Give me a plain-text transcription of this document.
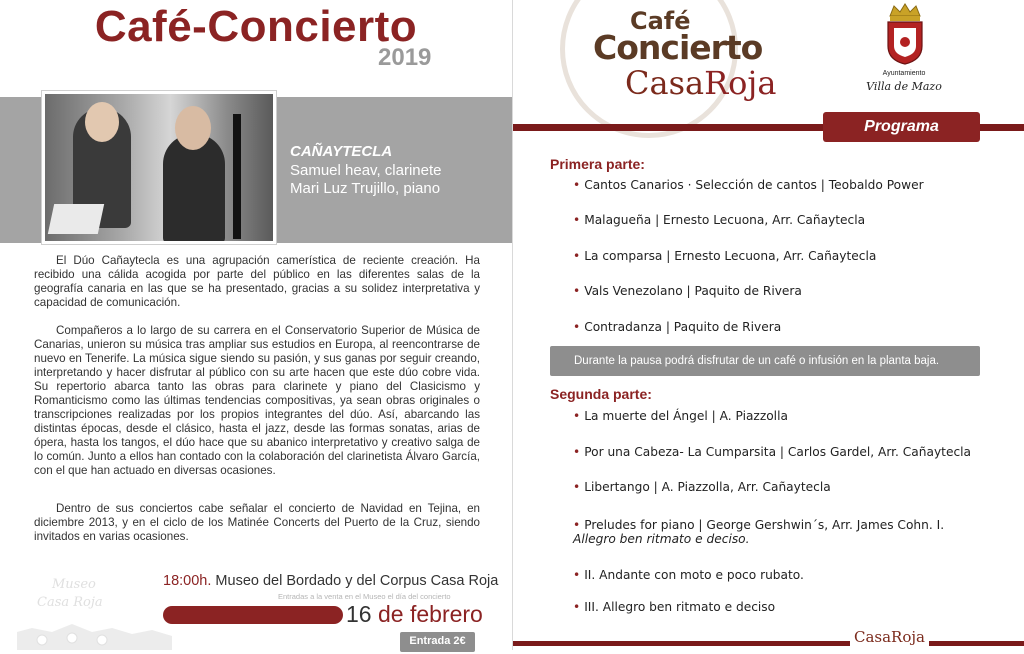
Café-Concierto
2019
CAÑAYTECLA
Samuel heav, clarinete
Mari Luz Trujillo, piano

El Dúo Cañaytecla es una agrupación camerística de reciente creación. Ha recibido una cálida acogida por parte del público en las diferentes salas de la geografía canaria en las que se ha presentado, gracias a su solidez interpretativa y capacidad de comunicación.

Compañeros a lo largo de su carrera en el Conservatorio Superior de Música de Canarias, unieron su música tras ampliar sus estudios en Europa, al reencontrarse de nuevo en Tenerife. La música sigue siendo su pasión, y sus ganas por seguir creando, interpretando y hacer disfrutar al público con su arte hacen que este dúo cobre vida. Su repertorio abarca tanto las obras para clarinete y piano del Clasicismo y Romanticismo como las últimas tendencias compositivas, ya sean obras originales o transcripciones realizadas por los propios integrantes del dúo. Así, abarcando las distintas épocas, desde el clásico, hasta el jazz, desde las formas sonatas, arias de ópera, hasta los tangos, el dúo hace que su abanico interpretativo y creativo salga de lo común. Junto a ellos han contado con la colaboración del clarinetista Álvaro García, con el que han actuado en diversas ocasiones.

Dentro de sus conciertos cabe señalar el concierto de Navidad en Tejina, en diciembre 2013, y en el ciclo de los Matinée Concerts del Puerto de la Cruz, siendo invitados en varias ocasiones.

Museo
Casa Roja
18:00h. Museo del Bordado y del Corpus Casa Roja
Entradas a la venta en el Museo el día del concierto
16 de febrero
Entrada 2€
Café
Concierto
CasaRoja	Ayuntamiento
Villa de Mazo
Programa
Primera parte:
• Cantos Canarios · Selección de cantos | Teobaldo Power
• Malagueña | Ernesto Lecuona, Arr. Cañaytecla
• La comparsa | Ernesto Lecuona, Arr. Cañaytecla
• Vals Venezolano | Paquito de Rivera
• Contradanza | Paquito de Rivera
Durante la pausa podrá disfrutar de un café o infusión en la planta baja.
Segunda parte:
• La muerte del Ángel | A. Piazzolla
• Por una Cabeza- La Cumparsita | Carlos Gardel, Arr. Cañaytecla
• Libertango | A. Piazzolla, Arr. Cañaytecla
• Preludes for piano | George Gershwin´s, Arr. James Cohn. I.
Allegro ben ritmato e deciso.
• II. Andante con moto e poco rubato.
• III. Allegro ben ritmato e deciso
CasaRoja
